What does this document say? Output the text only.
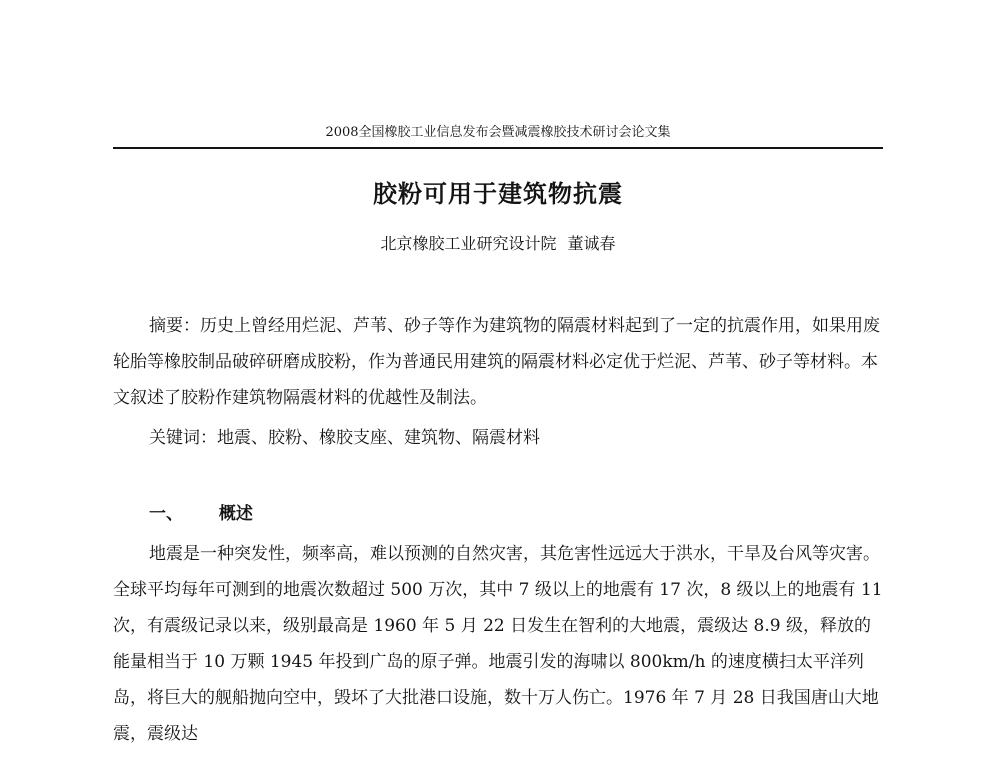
2008全国橡胶工业信息发布会暨减震橡胶技术研讨会论文集
胶粉可用于建筑物抗震
北京橡胶工业研究设计院 董诚春

摘要：历史上曾经用烂泥、芦苇、砂子等作为建筑物的隔震材料起到了一定的抗震作用，如果用废轮胎等橡胶制品破碎研磨成胶粉，作为普通民用建筑的隔震材料必定优于烂泥、芦苇、砂子等材料。本文叙述了胶粉作建筑物隔震材料的优越性及制法。

关键词：地震、胶粉、橡胶支座、建筑物、隔震材料

一、 概述

地震是一种突发性，频率高，难以预测的自然灾害，其危害性远远大于洪水，干旱及台风等灾害。全球平均每年可测到的地震次数超过 500 万次，其中 7 级以上的地震有 17 次，8 级以上的地震有 11 次，有震级记录以来，级别最高是 1960 年 5 月 22 日发生在智利的大地震，震级达 8.9 级，释放的能量相当于 10 万颗 1945 年投到广岛的原子弹。地震引发的海啸以 800km/h 的速度横扫太平洋列岛，将巨大的舰船抛向空中，毁坏了大批港口设施，数十万人伤亡。1976 年 7 月 28 日我国唐山大地震，震级达
